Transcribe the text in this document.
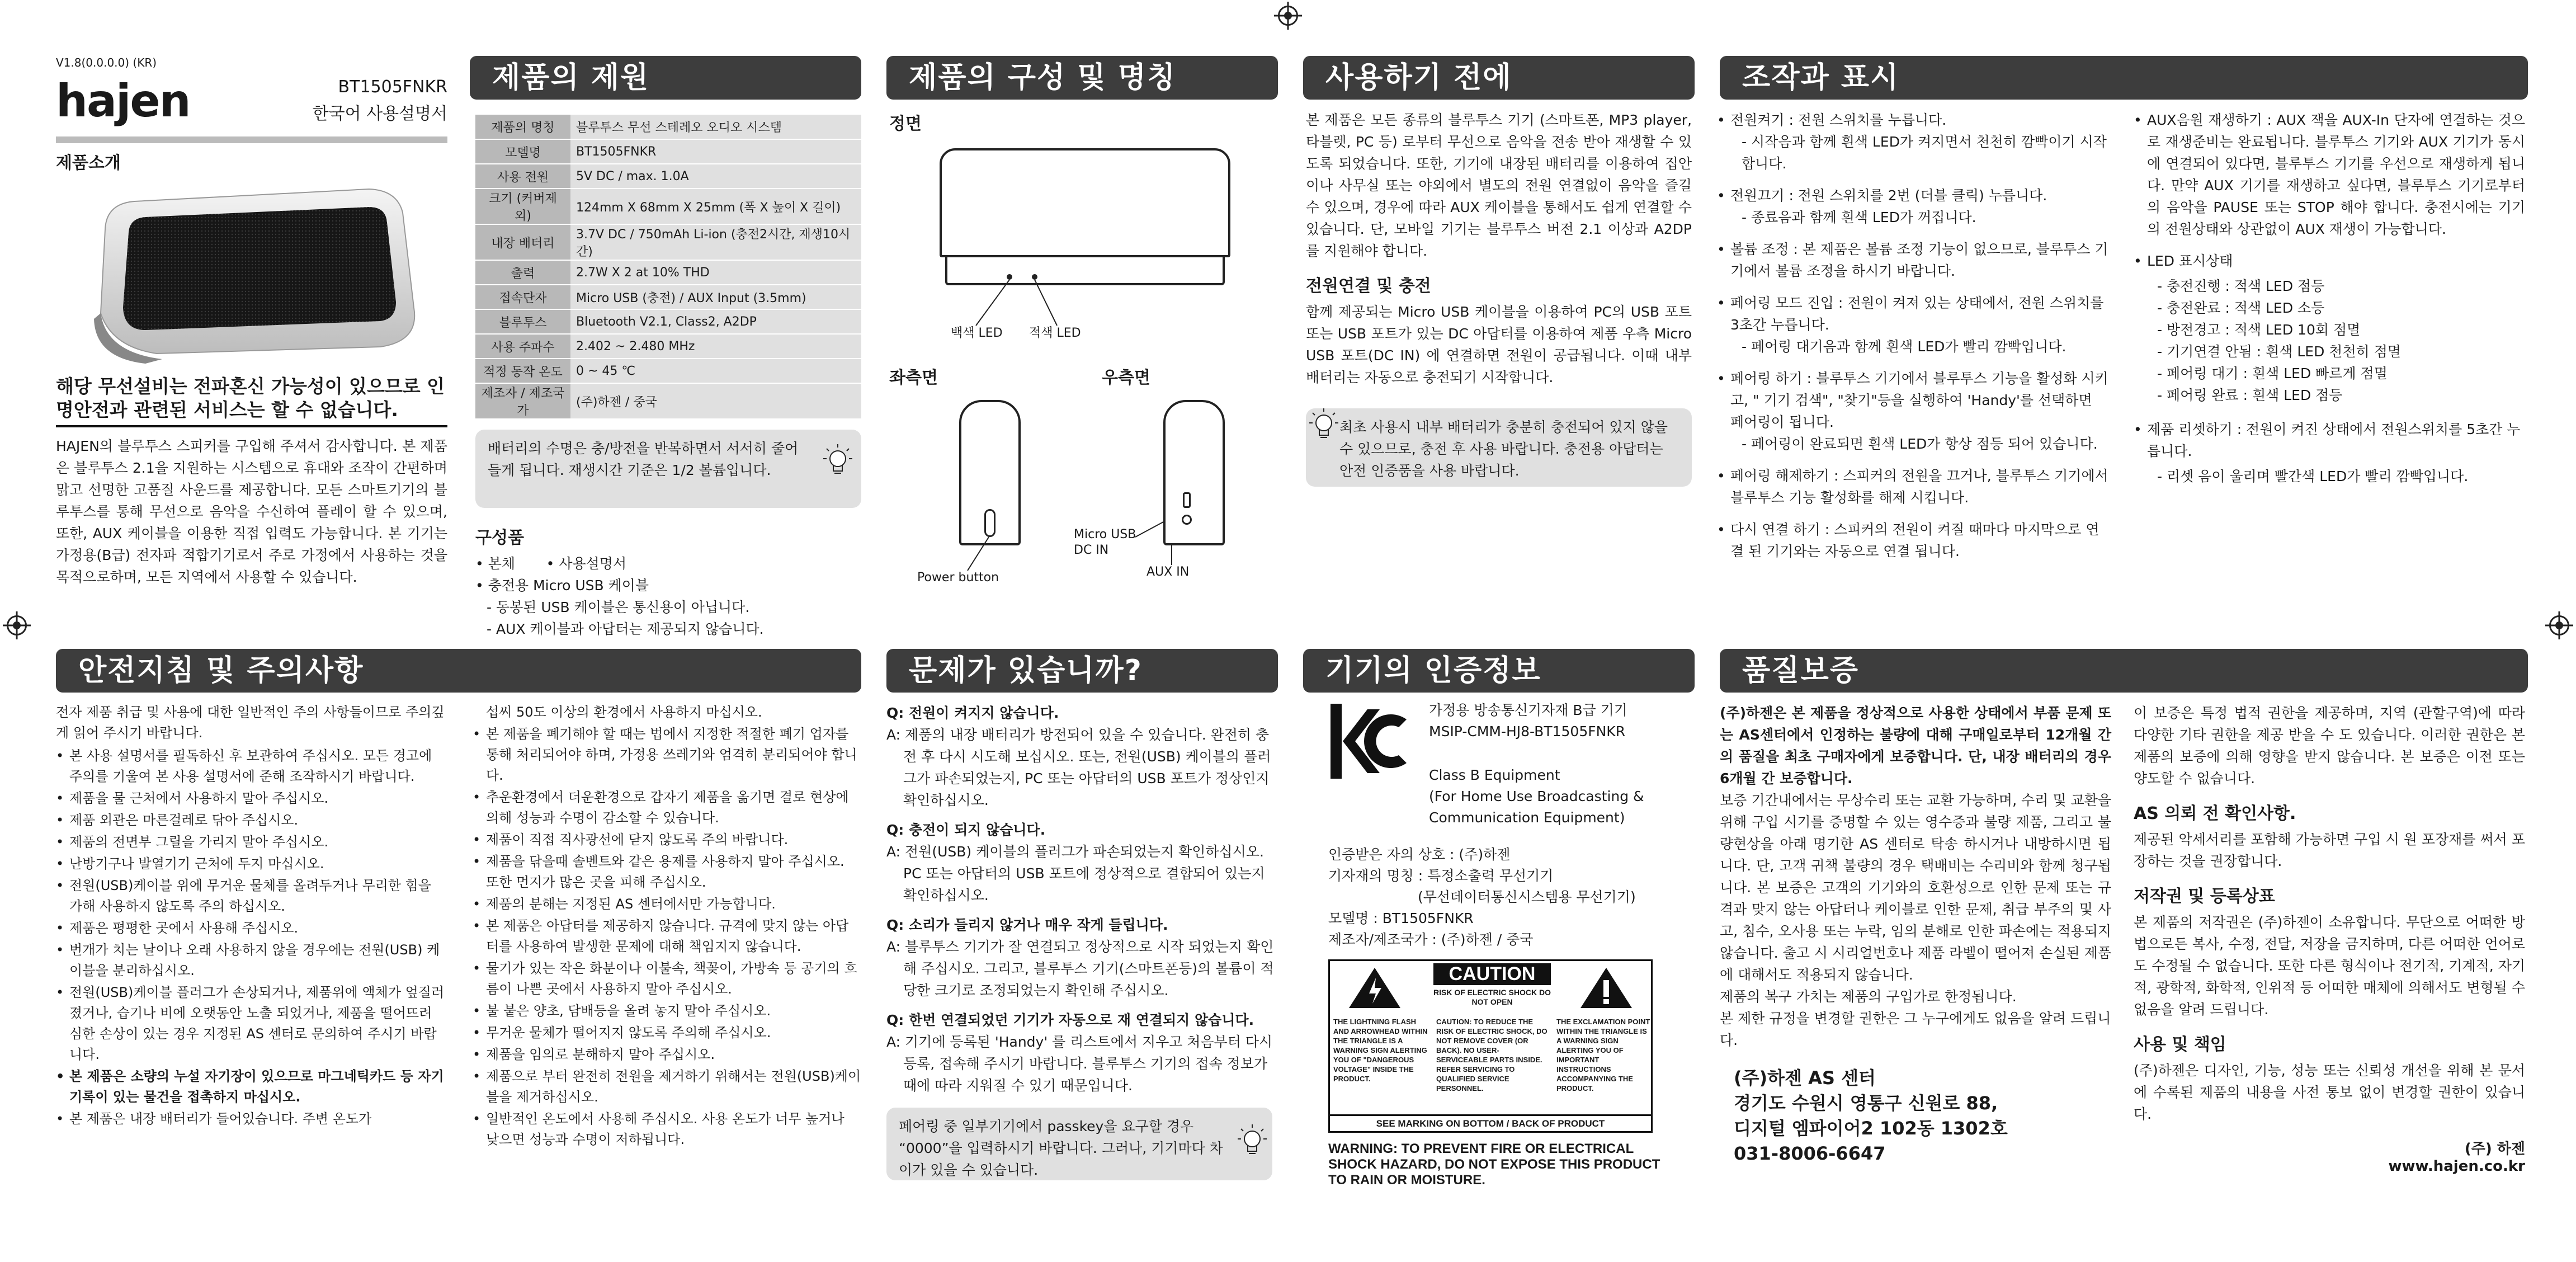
V1.8(0.0.0.0) (KR)
hajen	BT1505FNKR
한국어 사용설명서
제품소개
해당 무선설비는 전파혼신 가능성이 있으므로 인명안전과 관련된 서비스는 할 수 없습니다.
HAJEN의 블루투스 스피커를 구입해 주셔서 감사합니다. 본 제품은 블루투스 2.1을 지원하는 시스템으로 휴대와 조작이 간편하며 맑고 선명한 고품질 사운드를 제공합니다. 모든 스마트기기의 블루투스를 통해 무선으로 음악을 수신하여 플레이 할 수 있으며, 또한, AUX 케이블을 이용한 직접 입력도 가능합니다. 본 기기는 가정용(B급) 전자파 적합기기로서 주로 가정에서 사용하는 것을 목적으로하며, 모든 지역에서 사용할 수 있습니다.
제품의 제원
제품의 명칭	블루투스 무선 스테레오 오디오 시스템
모델명	BT1505FNKR
사용 전원	5V DC / max. 1.0A
크기 (커버제외)	124mm X 68mm X 25mm (폭 X 높이 X 길이)
내장 배터리	3.7V DC / 750mAh Li-ion (충전2시간, 재생10시간)
출력	2.7W X 2 at 10% THD
접속단자	Micro USB (충전) / AUX Input (3.5mm)
블루투스	Bluetooth V2.1, Class2, A2DP
사용 주파수	2.402 ~ 2.480 MHz
적정 동작 온도	0 ~ 45 ℃
제조자 / 제조국가	(주)하젠 / 중국
배터리의 수명은 충/방전을 반복하면서 서서히 줄어들게 됩니다. 재생시간 기준은 1/2 볼륨입니다.
구성품
• 본체       • 사용설명서
• 충전용 Micro USB 케이블
- 동봉된 USB 케이블은 통신용이 아닙니다.
- AUX 케이블과 아답터는 제공되지 않습니다.
제품의 구성 및 명칭
정면
백색 LED 적색 LED
좌측면	우측면
Power button
Micro USB
DC IN
AUX IN
사용하기 전에
본 제품은 모든 종류의 블루투스 기기 (스마트폰, MP3 player, 타블렛, PC 등) 로부터 무선으로 음악을 전송 받아 재생할 수 있도록 되었습니다. 또한, 기기에 내장된 배터리를 이용하여 집안이나 사무실 또는 야외에서 별도의 전원 연결없이 음악을 즐길 수 있으며, 경우에 따라 AUX 케이블을 통해서도 쉽게 연결할 수 있습니다. 단, 모바일 기기는 블루투스 버전 2.1 이상과 A2DP를 지원해야 합니다.
전원연결 및 충전
함께 제공되는 Micro USB 케이블을 이용하여 PC의 USB 포트 또는 USB 포트가 있는 DC 아답터를 이용하여 제품 우측 Micro USB 포트(DC IN) 에 연결하면 전원이 공급됩니다. 이때 내부 배터리는 자동으로 충전되기 시작합니다.
최초 사용시 내부 배터리가 충분히 충전되어 있지 않을 수 있으므로, 충전 후 사용 바랍니다. 충전용 아답터는 안전 인증품을 사용 바랍니다.
조작과 표시
• 전원켜기 : 전원 스위치를 누릅니다.
- 시작음과 함께 흰색 LED가 켜지면서 천천히 깜빡이기 시작합니다.
• 전원끄기 : 전원 스위치를 2번 (더블 클릭) 누릅니다.
- 종료음과 함께 흰색 LED가 꺼집니다.
• 볼륨 조정 : 본 제품은 볼륨 조정 기능이 없으므로, 블루투스 기기에서 볼륨 조정을 하시기 바랍니다.
• 페어링 모드 진입 : 전원이 켜져 있는 상태에서, 전원 스위치를 3초간 누릅니다.
- 페어링 대기음과 함께 흰색 LED가 빨리 깜빡입니다.
• 페어링 하기 : 블루투스 기기에서 블루투스 기능을 활성화 시키고, " 기기 검색", "찾기"등을 실행하여 'Handy'를 선택하면 페어링이 됩니다.
- 페어링이 완료되면 흰색 LED가 항상 점등 되어 있습니다.
• 페어링 해제하기 : 스피커의 전원을 끄거나, 블루투스 기기에서 블루투스 기능 활성화를 해제 시킵니다.
• 다시 연결 하기 : 스피커의 전원이 켜질 때마다 마지막으로 연결 된 기기와는 자동으로 연결 됩니다.
• AUX음원 재생하기 : AUX 잭을 AUX-In 단자에 연결하는 것으로 재생준비는 완료됩니다. 블루투스 기기와 AUX 기기가 동시에 연결되어 있다면, 블루투스 기기를 우선으로 재생하게 됩니다. 만약 AUX 기기를 재생하고 싶다면, 블루투스 기기로부터의 음악을 PAUSE 또는 STOP 해야 합니다. 충전시에는 기기의 전원상태와 상관없이 AUX 재생이 가능합니다.
• LED 표시상태
- 충전진행 : 적색 LED 점등
- 충전완료 : 적색 LED 소등
- 방전경고 : 적색 LED 10회 점멸
- 기기연결 안됨 : 흰색 LED 천천히 점멸
- 페어링 대기 : 흰색 LED 빠르게 점멸
- 페어링 완료 : 흰색 LED 점등
• 제품 리셋하기 : 전원이 켜진 상태에서 전원스위치를 5초간 누릅니다.
- 리셋 음이 울리며 빨간색 LED가 빨리 깜빡입니다.
안전지침 및 주의사항
전자 제품 취급 및 사용에 대한 일반적인 주의 사항들이므로 주의깊게 읽어 주시기 바랍니다.
• 본 사용 설명서를 필독하신 후 보관하여 주십시오. 모든 경고에 주의를 기울여 본 사용 설명서에 준해 조작하시기 바랍니다.
• 제품을 물 근처에서 사용하지 말아 주십시오.
• 제품 외관은 마른걸레로 닦아 주십시오.
• 제품의 전면부 그릴을 가리지 말아 주십시오.
• 난방기구나 발열기기 근처에 두지 마십시오.
• 전원(USB)케이블 위에 무거운 물체를 올려두거나 무리한 힘을 가해 사용하지 않도록 주의 하십시오.
• 제품은 평평한 곳에서 사용해 주십시오.
• 번개가 치는 날이나 오래 사용하지 않을 경우에는 전원(USB) 케이블을 분리하십시오.
• 전원(USB)케이블 플러그가 손상되거나, 제품위에 액체가 엎질러졌거나, 습기나 비에 오랫동안 노출 되었거나, 제품을 떨어뜨려 심한 손상이 있는 경우 지정된 AS 센터로 문의하여 주시기 바랍니다.
• 본 제품은 소량의 누설 자기장이 있으므로 마그네틱카드 등 자기 기록이 있는 물건을 접촉하지 마십시오.
• 본 제품은 내장 배터리가 들어있습니다. 주변 온도가
섭씨 50도 이상의 환경에서 사용하지 마십시오.
• 본 제품을 폐기해야 할 때는 법에서 지정한 적절한 폐기 업자를 통해 처리되어야 하며, 가정용 쓰레기와 엄격히 분리되어야 합니다.
• 추운환경에서 더운환경으로 갑자기 제품을 옮기면 결로 현상에 의해 성능과 수명이 감소할 수 있습니다.
• 제품이 직접 직사광선에 닫지 않도록 주의 바랍니다.
• 제품을 닦을때 솔벤트와 같은 용제를 사용하지 말아 주십시오. 또한 먼지가 많은 곳을 피해 주십시오.
• 제품의 분해는 지정된 AS 센터에서만 가능합니다.
• 본 제품은 아답터를 제공하지 않습니다. 규격에 맞지 않는 아답터를 사용하여 발생한 문제에 대해 책임지지 않습니다.
• 물기가 있는 작은 화분이나 이불속, 책꽂이, 가방속 등 공기의 흐름이 나쁜 곳에서 사용하지 말아 주십시오.
• 불 붙은 양초, 담배등을 올려 놓지 말아 주십시오.
• 무거운 물체가 떨어지지 않도록 주의해 주십시오.
• 제품을 임의로 분해하지 말아 주십시오.
• 제품으로 부터 완전히 전원을 제거하기 위해서는 전원(USB)케이블을 제거하십시오.
• 일반적인 온도에서 사용해 주십시오. 사용 온도가 너무 높거나 낮으면 성능과 수명이 저하됩니다.
문제가 있습니까?
Q: 전원이 켜지지 않습니다.
A: 제품의 내장 배터리가 방전되어 있을 수 있습니다. 완전히 충전 후 다시 시도해 보십시오. 또는, 전원(USB) 케이블의 플러그가 파손되었는지, PC 또는 아답터의 USB 포트가 정상인지 확인하십시오.
Q: 충전이 되지 않습니다.
A: 전원(USB) 케이블의 플러그가 파손되었는지 확인하십시오. PC 또는 아답터의 USB 포트에 정상적으로 결합되어 있는지 확인하십시오.
Q: 소리가 들리지 않거나 매우 작게 들립니다.
A: 블루투스 기기가 잘 연결되고 정상적으로 시작 되었는지 확인해 주십시오. 그리고, 블루투스 기기(스마트폰등)의 볼륨이 적당한 크기로 조정되었는지 확인해 주십시오.
Q: 한번 연결되었던 기기가 자동으로 재 연결되지 않습니다.
A: 기기에 등록된 'Handy' 를 리스트에서 지우고 처음부터 다시 등록, 접속해 주시기 바랍니다. 블루투스 기기의 접속 정보가 때에 따라 지워질 수 있기 때문입니다.
페어링 중 일부기기에서 passkey을 요구할 경우 “0000”을 입력하시기 바랍니다. 그러나, 기기마다 차이가 있을 수 있습니다.
기기의 인증정보
가정용 방송통신기자재 B급 기기
MSIP-CMM-HJ8-BT1505FNKR
Class B Equipment
(For Home Use Broadcasting &
Communication Equipment)
인증받은 자의 상호 : (주)하젠
기자재의 명칭 : 특정소출력 무선기기
(무선데이터통신시스템용 무선기기)
모델명 : BT1505FNKR
제조자/제조국가 : (주)하젠 / 중국
CAUTION
RISK OF ELECTRIC SHOCK DO NOT OPEN
THE LIGHTNING FLASH AND ARROWHEAD WITHIN THE TRIANGLE IS A WARNING SIGN ALERTING YOU OF "DANGEROUS VOLTAGE" INSIDE THE PRODUCT.
CAUTION: TO REDUCE THE RISK OF ELECTRIC SHOCK, DO NOT REMOVE COVER (OR BACK). NO USER-SERVICEABLE PARTS INSIDE. REFER SERVICING TO QUALIFIED SERVICE PERSONNEL.
THE EXCLAMATION POINT WITHIN THE TRIANGLE IS A WARNING SIGN ALERTING YOU OF IMPORTANT INSTRUCTIONS ACCOMPANYING THE PRODUCT.
SEE MARKING ON BOTTOM / BACK OF PRODUCT
WARNING: TO PREVENT FIRE OR ELECTRICAL SHOCK HAZARD, DO NOT EXPOSE THIS PRODUCT TO RAIN OR MOISTURE.
품질보증
(주)하젠은 본 제품을 정상적으로 사용한 상태에서 부품 문제 또는 AS센터에서 인정하는 불량에 대해 구매일로부터 12개월 간의 품질을 최초 구매자에게 보증합니다. 단, 내장 배터리의 경우 6개월 간 보증합니다.
보증 기간내에서는 무상수리 또는 교환 가능하며, 수리 및 교환을 위해 구입 시기를 증명할 수 있는 영수증과 불량 제품, 그리고 불량현상을 아래 명기한 AS 센터로 탁송 하시거나 내방하시면 됩니다. 단, 고객 귀책 불량의 경우 택배비는 수리비와 함께 청구됩니다. 본 보증은 고객의 기기와의 호환성으로 인한 문제 또는 규격과 맞지 않는 아답터나 케이블로 인한 문제, 취급 부주의 및 사고, 침수, 오사용 또는 누락, 임의 분해로 인한 파손에는 적용되지 않습니다. 출고 시 시리얼번호나 제품 라벨이 떨어져 손실된 제품에 대해서도 적용되지 않습니다.
제품의 복구 가치는 제품의 구입가로 한정됩니다.
본 제한 규정을 변경할 권한은 그 누구에게도 없음을 알려 드립니다.
(주)하젠 AS 센터
경기도 수원시 영통구 신원로 88,
디지털 엠파이어2 102동 1302호
031-8006-6647
이 보증은 특정 법적 권한을 제공하며, 지역 (관할구역)에 따라 다양한 기타 권한을 제공 받을 수 도 있습니다. 이러한 권한은 본 제품의 보증에 의해 영향을 받지 않습니다. 본 보증은 이전 또는 양도할 수 없습니다.
AS 의뢰 전 확인사항.
제공된 악세서리를 포함해 가능하면 구입 시 원 포장재를 써서 포장하는 것을 권장합니다.
저작권 및 등록상표
본 제품의 저작권은 (주)하젠이 소유합니다. 무단으로 어떠한 방법으로든 복사, 수정, 전달, 저장을 금지하며, 다른 어떠한 언어로도 수정될 수 없습니다. 또한 다른 형식이나 전기적, 기계적, 자기적, 광학적, 화학적, 인위적 등 어떠한 매체에 의해서도 변형될 수 없음을 알려 드립니다.
사용 및 책임
(주)하젠은 디자인, 기능, 성능 또는 신뢰성 개선을 위해 본 문서에 수록된 제품의 내용을 사전 통보 없이 변경할 권한이 있습니다.
(주) 하젠
www.hajen.co.kr
